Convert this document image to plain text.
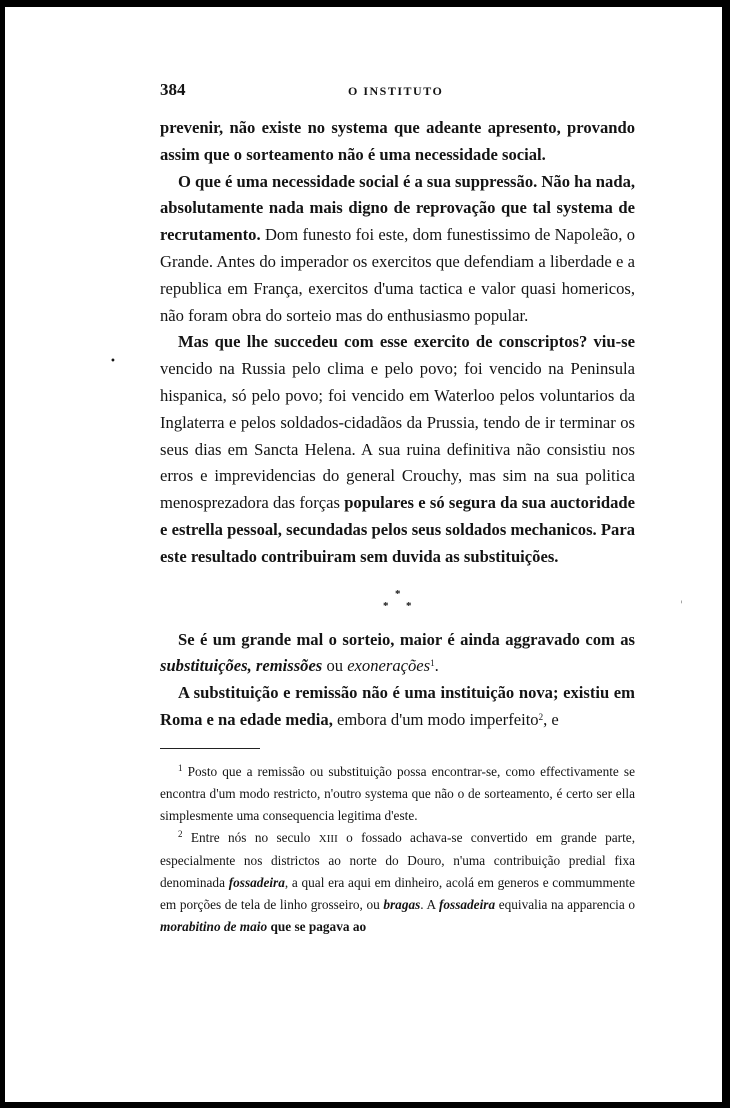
•
'
384	O INSTITUTO

prevenir, não existe no systema que adeante apresento, provando assim que o sorteamento não é uma necessidade social.

O que é uma necessidade social é a sua suppressão. Não ha nada, absolutamente nada mais digno de reprovação que tal systema de recrutamento. Dom funesto foi este, dom funestissimo de Napoleão, o Grande. Antes do imperador os exercitos que defendiam a liberdade e a republica em França, exercitos d'uma tactica e valor quasi homericos, não foram obra do sorteio mas do enthusiasmo popular.

Mas que lhe succedeu com esse exercito de conscriptos? viu-se vencido na Russia pelo clima e pelo povo; foi vencido na Peninsula hispanica, só pelo povo; foi vencido em Waterloo pelos voluntarios da Inglaterra e pelos soldados-cidadãos da Prussia, tendo de ir terminar os seus dias em Sancta Helena. A sua ruina definitiva não consistiu nos erros e imprevidencias do general Crouchy, mas sim na sua politica menosprezadora das forças populares e só segura da sua auctoridade e estrella pessoal, secundadas pelos seus soldados mechanicos. Para este resultado contribuiram sem duvida as substituições.

*
* *

Se é um grande mal o sorteio, maior é ainda aggravado com as substituições, remissões ou exonerações$^1$.

A substituição e remissão não é uma instituição nova; existiu em Roma e na edade media, embora d'um modo imperfeito$^2$, e

$^1$ Posto que a remissão ou substituição possa encontrar-se, como effectivamente se encontra d'um modo restricto, n'outro systema que não o de sorteamento, é certo ser ella simplesmente uma consequencia legitima d'este.

$^2$ Entre nós no seculo XIII o fossado achava-se convertido em grande parte, especialmente nos districtos ao norte do Douro, n'uma contribuição predial fixa denominada fossadeira, a qual era aqui em dinheiro, acolá em generos e commummente em porções de tela de linho grosseiro, ou bragas. A fossadeira equivalia na apparencia o morabitino de maio que se pagava ao
